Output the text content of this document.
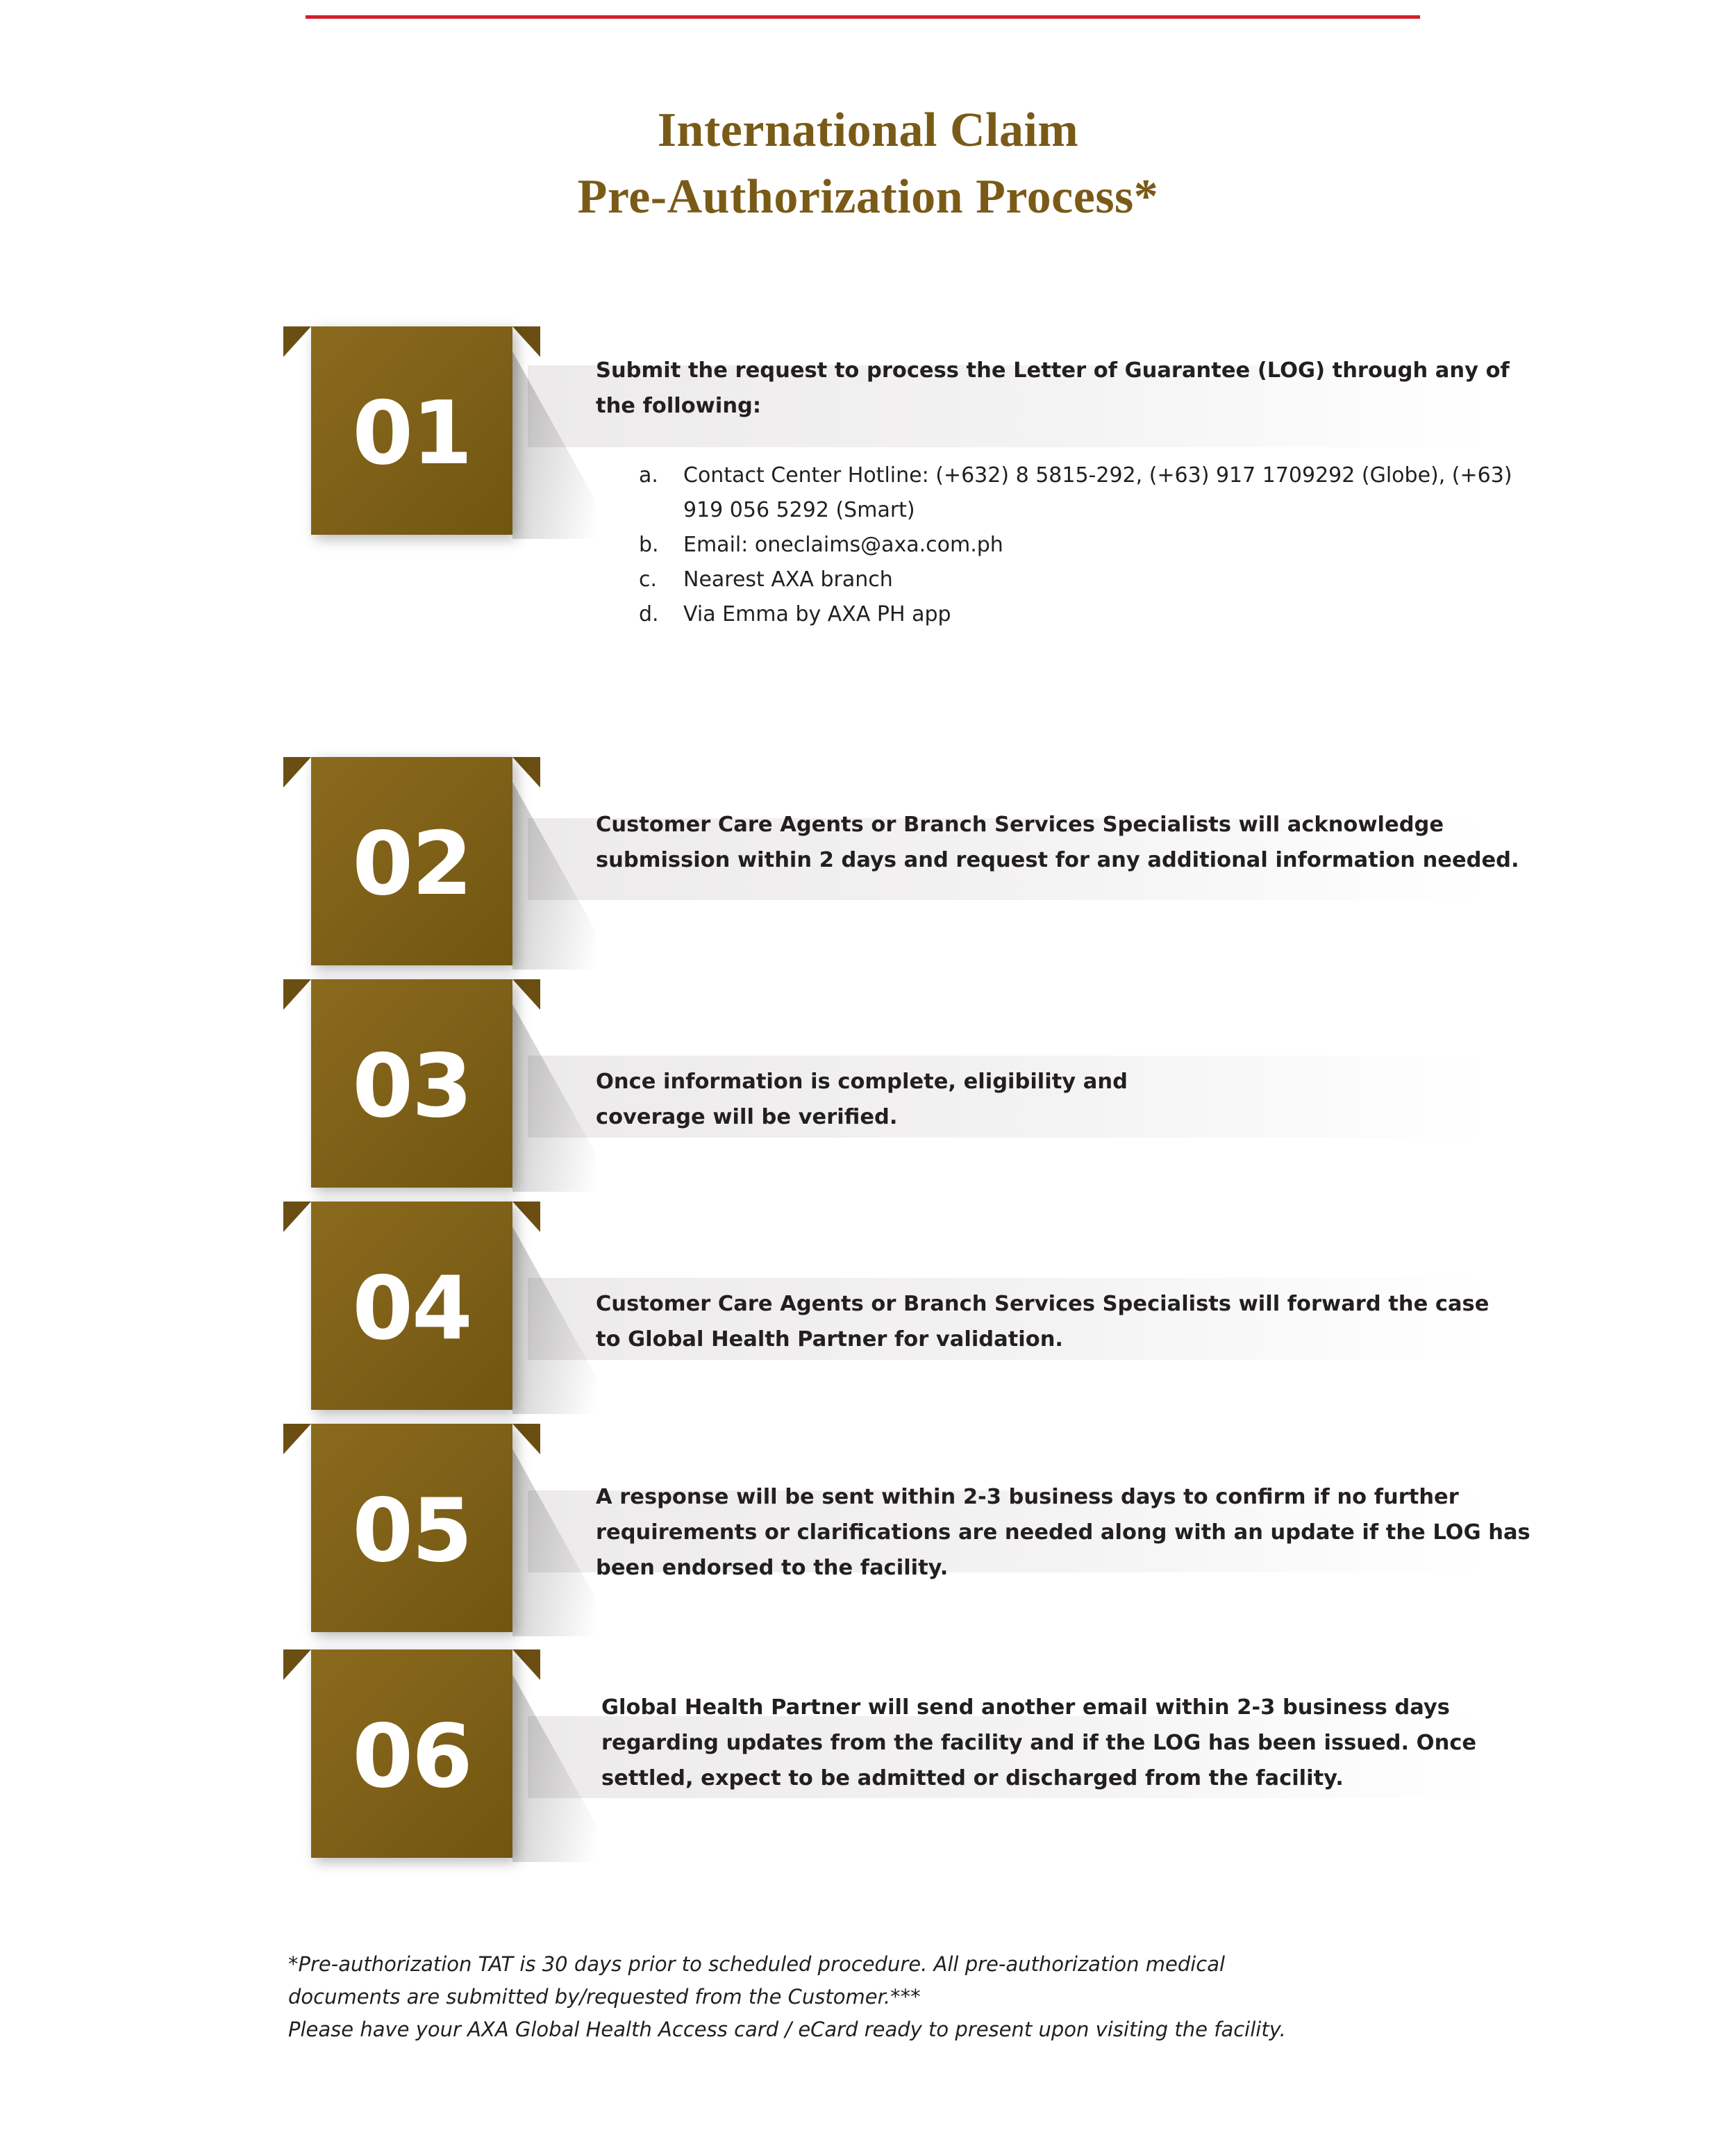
International Claim
Pre-Authorization Process*
01
Submit the request to process the Letter of Guarantee (LOG) through any of the following:
a.	Contact Center Hotline: (+632) 8 5815-292, (+63) 917 1709292 (Globe), (+63) 919 056 5292 (Smart)
b.	Email: oneclaims@axa.com.ph
c.	Nearest AXA branch
d.	Via Emma by AXA PH app
02	Customer Care Agents or Branch Services Specialists will acknowledge submission within 2 days and request for any additional information needed.
03	Once information is complete, eligibility and coverage will be verified.
04	Customer Care Agents or Branch Services Specialists will forward the case to Global Health Partner for validation.
05	A response will be sent within 2-3 business days to confirm if no further requirements or clarifications are needed along with an update if the LOG has been endorsed to the facility.
06	Global Health Partner will send another email within 2-3 business days regarding updates from the facility and if the LOG has been issued. Once settled, expect to be admitted or discharged from the facility.
*Pre-authorization TAT is 30 days prior to scheduled procedure. All pre-authorization medical
documents are submitted by/requested from the Customer.***
Please have your AXA Global Health Access card / eCard ready to present upon visiting the facility.
